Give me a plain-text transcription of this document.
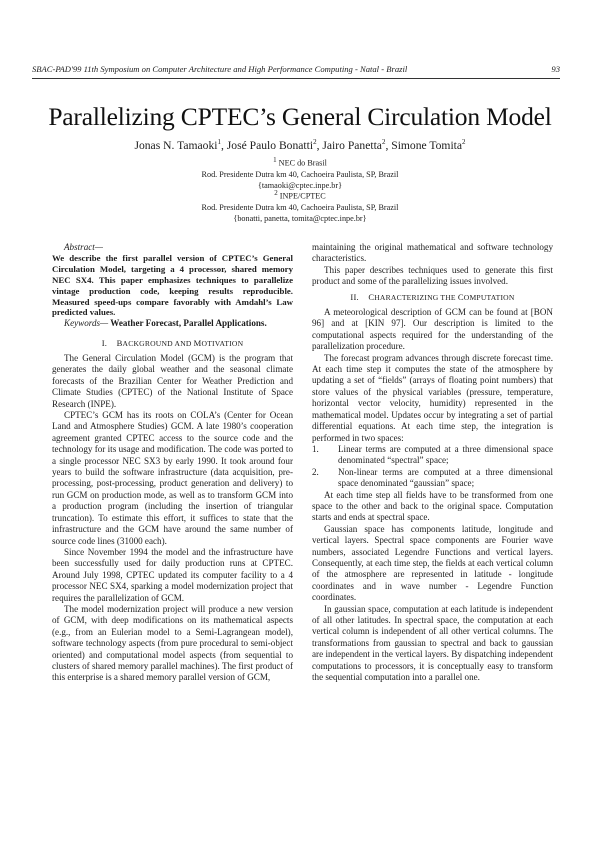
SBAC-PAD'99 11th Symposium on Computer Architecture and High Performance Computing - Natal - Brazil	93
Parallelizing CPTEC’s General Circulation Model
Jonas N. Tamaoki$^1$, José Paulo Bonatti$^2$, Jairo Panetta$^2$, Simone Tomita$^2$
$^1$ NEC do Brasil
Rod. Presidente Dutra km 40, Cachoeira Paulista, SP, Brazil
{tamaoki@cptec.inpe.br}
$^2$ INPE/CPTEC
Rod. Presidente Dutra km 40, Cachoeira Paulista, SP, Brazil
{bonatti, panetta, tomita@cptec.inpe.br}

Abstract—

We describe the first parallel version of CPTEC’s General Circulation Model, targeting a 4 processor, shared memory NEC SX4. This paper emphasizes techniques to parallelize vintage production code, keeping results reproducible. Measured speed-ups compare favorably with Amdahl’s Law predicted values.

Keywords— Weather Forecast, Parallel Applications.

I. BACKGROUND AND MOTIVATION

The General Circulation Model (GCM) is the program that generates the daily global weather and the seasonal climate forecasts of the Brazilian Center for Weather Prediction and Climate Studies (CPTEC) of the National Institute of Space Research (INPE).

CPTEC’s GCM has its roots on COLA’s (Center for Ocean Land and Atmosphere Studies) GCM. A late 1980’s cooperation agreement granted CPTEC access to the source code and the technology for its usage and modification. The code was ported to a single processor NEC SX3 by early 1990. It took around four years to build the software infrastructure (data acquisition, pre-processing, post-processing, product generation and delivery) to run GCM on production mode, as well as to transform GCM into a production program (including the insertion of triangular truncation). To estimate this effort, it suffices to state that the infrastructure and the GCM have around the same number of source code lines (31000 each).

Since November 1994 the model and the infrastructure have been successfully used for daily production runs at CPTEC. Around July 1998, CPTEC updated its computer facility to a 4 processor NEC SX4, sparking a model modernization project that requires the parallelization of GCM.

The model modernization project will produce a new version of GCM, with deep modifications on its mathematical aspects (e.g., from an Eulerian model to a Semi-Lagrangean model), software technology aspects (from pure procedural to semi-object oriented) and computational model aspects (from sequential to clusters of shared memory parallel machines). The first product of this enterprise is a shared memory parallel version of GCM,

maintaining the original mathematical and software technology characteristics.

This paper describes techniques used to generate this first product and some of the parallelizing issues involved.

II. CHARACTERIZING THE COMPUTATION

A meteorological description of GCM can be found at [BON 96] and at [KIN 97]. Our description is limited to the computational aspects required for the understanding of the parallelization procedure.

The forecast program advances through discrete forecast time. At each time step it computes the state of the atmosphere by updating a set of “fields” (arrays of floating point numbers) that store values of the physical variables (pressure, temperature, horizontal vector velocity, humidity) represented in the mathematical model. Updates occur by integrating a set of partial differential equations. At each time step, the integration is performed in two spaces:

1. Linear terms are computed at a three dimensional space denominated “spectral” space;
2. Non-linear terms are computed at a three dimensional space denominated “gaussian” space;

At each time step all fields have to be transformed from one space to the other and back to the original space. Computation starts and ends at spectral space.

Gaussian space has components latitude, longitude and vertical layers. Spectral space components are Fourier wave numbers, associated Legendre Functions and vertical layers. Consequently, at each time step, the fields at each vertical column of the atmosphere are represented in latitude - longitude coordinates and in wave number - Legendre Function coordinates.

In gaussian space, computation at each latitude is independent of all other latitudes. In spectral space, the computation at each vertical column is independent of all other vertical columns. The transformations from gaussian to spectral and back to gaussian are independent in the vertical layers. By dispatching independent computations to processors, it is conceptually easy to transform the sequential computation into a parallel one.
